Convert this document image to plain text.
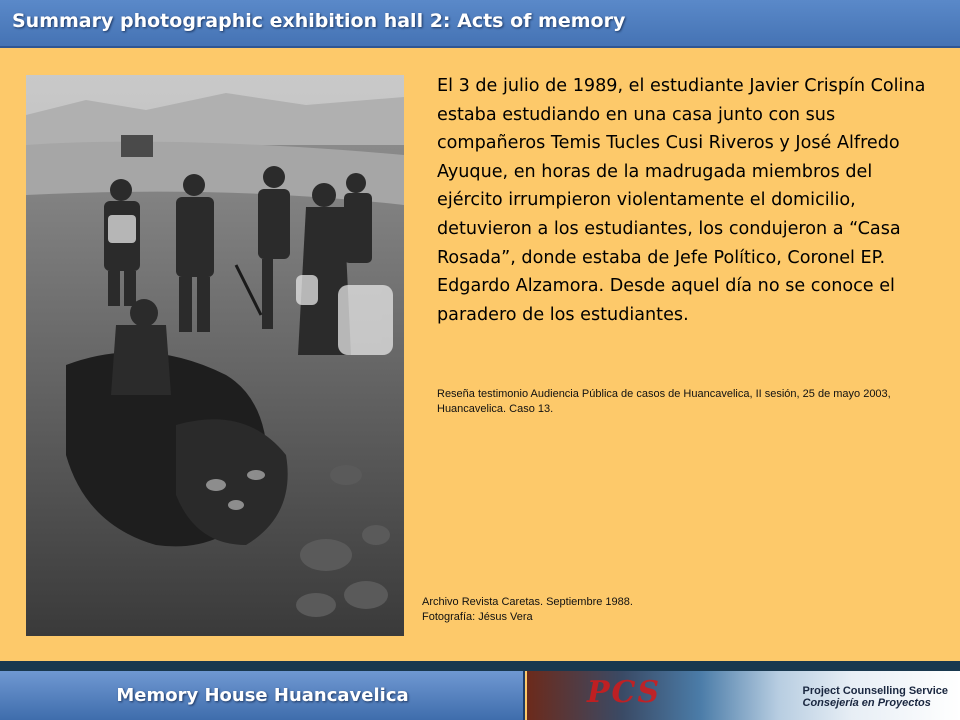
Summary photographic exhibition hall 2: Acts of memory

El 3 de julio de 1989, el estudiante Javier Crispín Colina estaba estudiando en una casa junto con sus compañeros Temis Tucles Cusi Riveros y José Alfredo Ayuque, en horas de la madrugada miembros del ejército irrumpieron violentamente el domicilio, detuvieron a los estudiantes, los condujeron a “Casa Rosada”, donde estaba de Jefe Político, Coronel EP. Edgardo Alzamora. Desde aquel día no se conoce el paradero de los estudiantes.

Reseña testimonio Audiencia Pública de casos de Huancavelica, II sesión, 25 de mayo 2003, Huancavelica. Caso 13.

Archivo Revista Caretas. Septiembre 1988.
Fotografía: Jésus Vera
Memory House Huancavelica	PCS	Project Counselling Service
Consejería en Proyectos
